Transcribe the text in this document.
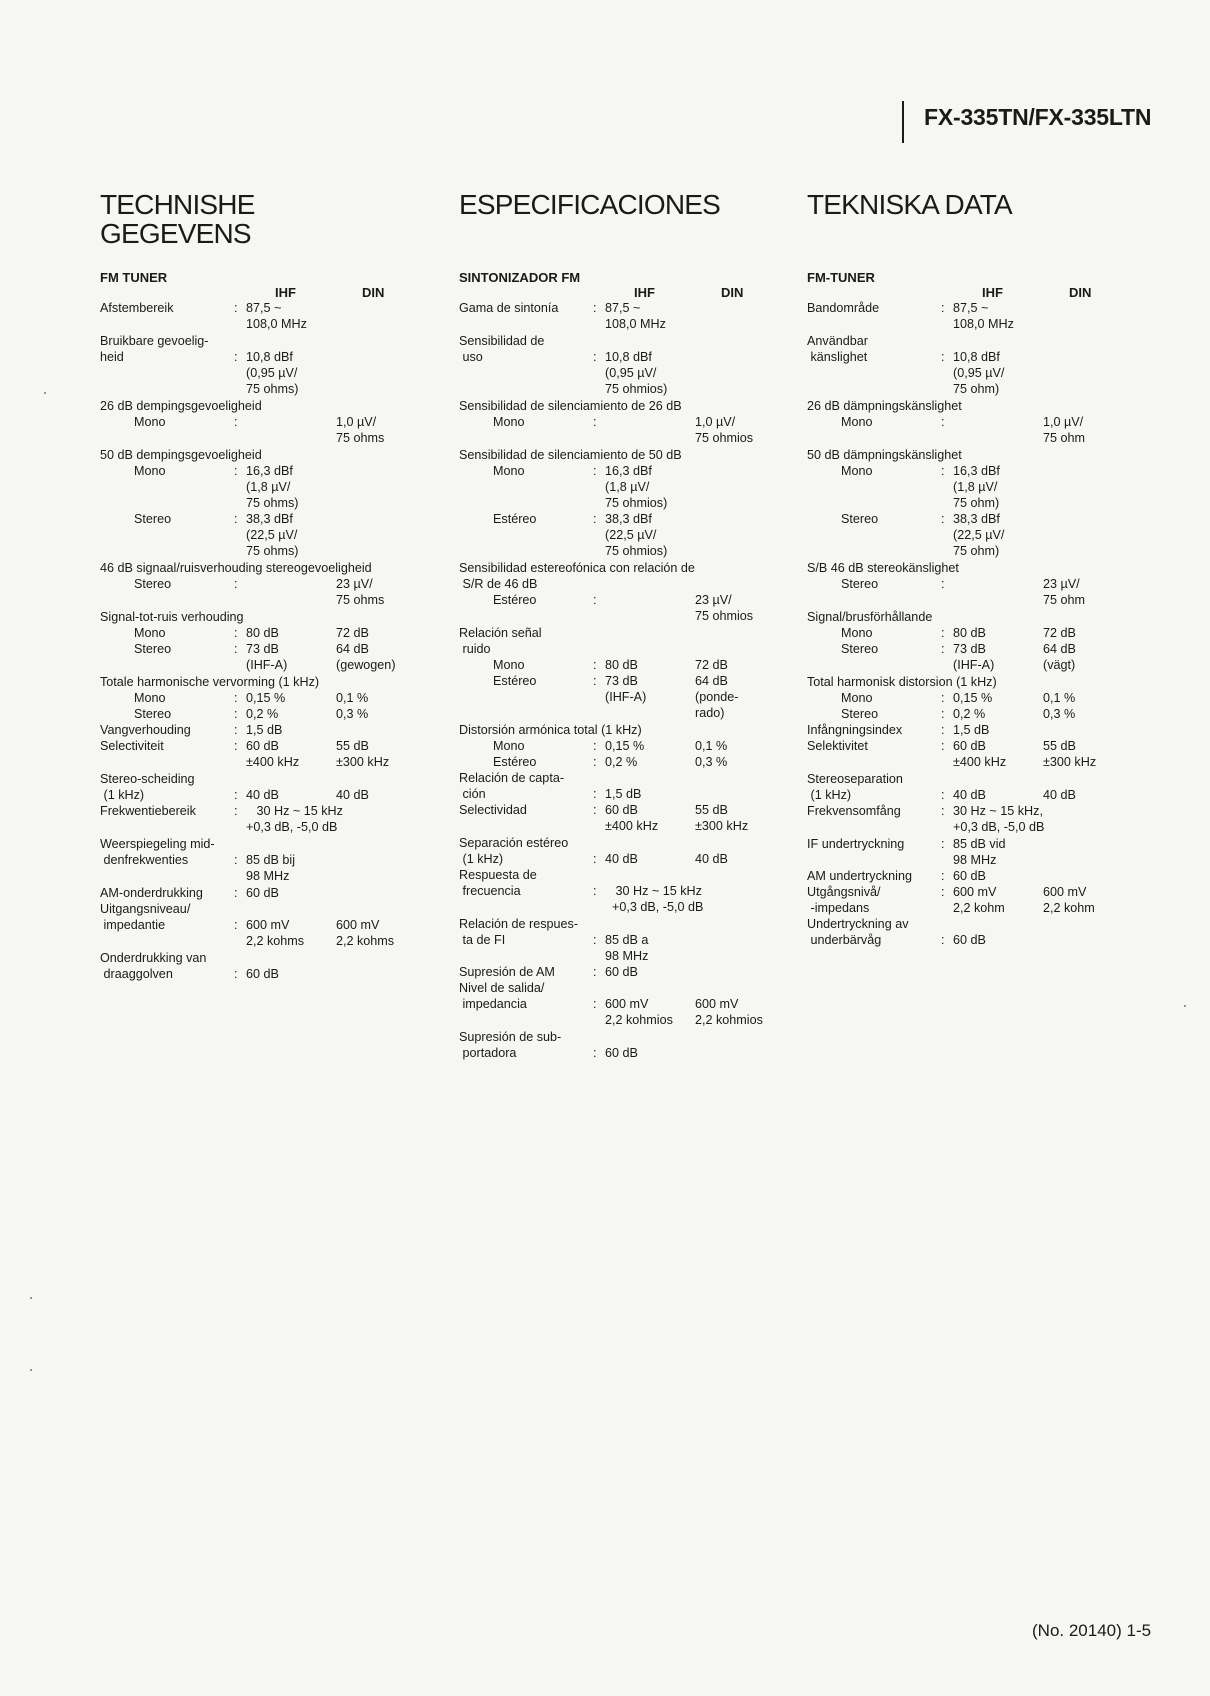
FX-335TN/FX-335LTN
TECHNISHE
GEGEVENS
FM TUNER
IHF	DIN
Afstembereik	: 87,5 ~
108,0 MHz
Bruikbare gevoelig-
heid	: 10,8 dBf
(0,95 µV/
75 ohms)
26 dB dempingsgevoeligheid
Mono	:	1,0 µV/
75 ohms
50 dB dempingsgevoeligheid
Mono	: 16,3 dBf
(1,8 µV/
75 ohms)
Stereo	: 38,3 dBf
(22,5 µV/
75 ohms)
46 dB signaal/ruisverhouding stereogevoeligheid
Stereo	:	23 µV/
75 ohms
Signal-tot-ruis verhouding
Mono	: 80 dB	72 dB
Stereo	: 73 dB	64 dB
(IHF-A)	(gewogen)
Totale harmonische vervorming (1 kHz)
Mono	: 0,15 %	0,1 %
Stereo	: 0,2 %	0,3 %
Vangverhouding	: 1,5 dB
Selectiviteit	: 60 dB	55 dB
±400 kHz	±300 kHz
Stereo-scheiding
(1 kHz)	: 40 dB	40 dB
Frekwentiebereik	: 30 Hz ~ 15 kHz
+0,3 dB, -5,0 dB
Weerspiegeling mid-
denfrekwenties	: 85 dB bij
98 MHz
AM-onderdrukking : 60 dB
Uitgangsniveau/
impedantie	: 600 mV	600 mV
2,2 kohms	2,2 kohms
Onderdrukking van
draaggolven	: 60 dB
ESPECIFICACIONES
SINTONIZADOR FM
IHF	DIN
Gama de sintonía	: 87,5 ~
108,0 MHz
Sensibilidad de
uso	: 10,8 dBf
(0,95 µV/
75 ohmios)
Sensibilidad de silenciamiento de 26 dB
Mono	:	1,0 µV/
75 ohmios
Sensibilidad de silenciamiento de 50 dB
Mono	: 16,3 dBf
(1,8 µV/
75 ohmios)
Estéreo	: 38,3 dBf
(22,5 µV/
75 ohmios)
Sensibilidad estereofónica con relación de
S/R de 46 dB
Estéreo	:	23 µV/
75 ohmios
Relación señal
ruido
Mono	: 80 dB	72 dB
Estéreo	: 73 dB	64 dB
(IHF-A)	(ponde-
rado)
Distorsión armónica total (1 kHz)
Mono	: 0,15 %	0,1 %
Estéreo	: 0,2 %	0,3 %
Relación de capta-
ción	: 1,5 dB
Selectividad	: 60 dB	55 dB
±400 kHz	±300 kHz
Separación estéreo
(1 kHz)	: 40 dB	40 dB
Respuesta de
frecuencia	: 30 Hz ~ 15 kHz
+0,3 dB, -5,0 dB
Relación de respues-
ta de FI	: 85 dB a
98 MHz
Supresión de AM	: 60 dB
Nivel de salida/
impedancia	: 600 mV	600 mV
2,2 kohmios 2,2 kohmios
Supresión de sub-
portadora	: 60 dB
TEKNISKA DATA
FM-TUNER
IHF	DIN
Bandområde	: 87,5 ~
108,0 MHz
Användbar
känslighet	: 10,8 dBf
(0,95 µV/
75 ohm)
26 dB dämpningskänslighet
Mono	:	1,0 µV/
75 ohm
50 dB dämpningskänslighet
Mono	: 16,3 dBf
(1,8 µV/
75 ohm)
Stereo	: 38,3 dBf
(22,5 µV/
75 ohm)
S/B 46 dB stereokänslighet
Stereo	:	23 µV/
75 ohm
Signal/brusförhållande
Mono	: 80 dB	72 dB
Stereo	: 73 dB	64 dB
(IHF-A)	(vägt)
Total harmonisk distorsion (1 kHz)
Mono	: 0,15 %	0,1 %
Stereo	: 0,2 %	0,3 %
Infångningsindex	: 1,5 dB
Selektivitet	: 60 dB	55 dB
±400 kHz	±300 kHz
Stereoseparation
(1 kHz)	: 40 dB	40 dB
Frekvensomfång	: 30 Hz ~ 15 kHz,
+0,3 dB, -5,0 dB
IF undertryckning	: 85 dB vid
98 MHz
AM undertryckning : 60 dB
Utgångsnivå/	: 600 mV	600 mV
-impedans	2,2 kohm	2,2 kohm
Undertryckning av
underbärvåg	: 60 dB
(No. 20140) 1-5
